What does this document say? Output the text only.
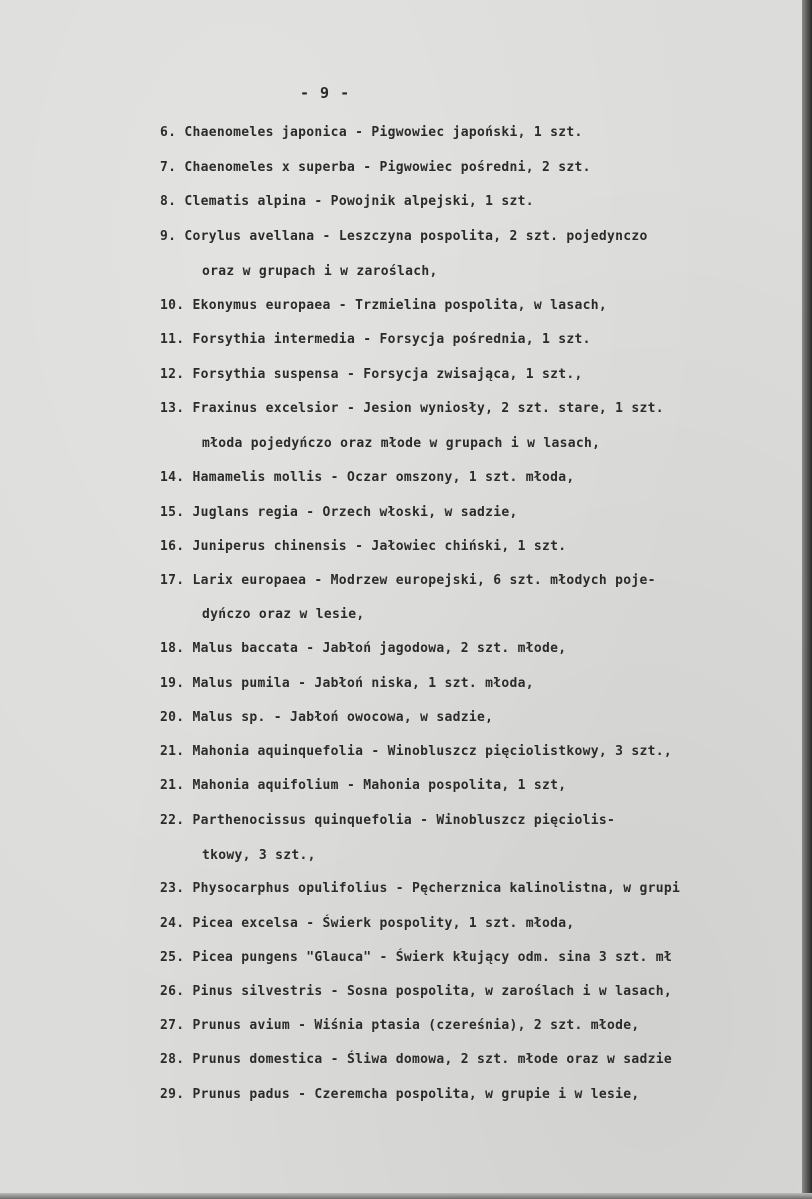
- 9 -
6. Chaenomeles japonica - Pigwowiec japoński, 1 szt.
7. Chaenomeles x superba - Pigwowiec pośredni, 2 szt.
8. Clematis alpina - Powojnik alpejski, 1 szt.
9. Corylus avellana - Leszczyna pospolita, 2 szt. pojedynczo
oraz w grupach i w zaroślach,
10. Ekonymus europaea - Trzmielina pospolita, w lasach,
11. Forsythia intermedia - Forsycja pośrednia, 1 szt.
12. Forsythia suspensa - Forsycja zwisająca, 1 szt.,
13. Fraxinus excelsior - Jesion wyniosły, 2 szt. stare, 1 szt.
młoda pojedyńczo oraz młode w grupach i w lasach,
14. Hamamelis mollis - Oczar omszony, 1 szt. młoda,
15. Juglans regia - Orzech włoski, w sadzie,
16. Juniperus chinensis - Jałowiec chiński, 1 szt.
17. Larix europaea - Modrzew europejski, 6 szt. młodych poje-
dyńczo oraz w lesie,
18. Malus baccata - Jabłoń jagodowa, 2 szt. młode,
19. Malus pumila - Jabłoń niska, 1 szt. młoda,
20. Malus sp. - Jabłoń owocowa, w sadzie,
21. Mahonia aquinquefolia - Winobluszcz pięciolistkowy, 3 szt.,
21. Mahonia aquifolium - Mahonia pospolita, 1 szt,
22. Parthenocissus quinquefolia - Winobluszcz pięciolis-
tkowy, 3 szt.,
23. Physocarphus opulifolius - Pęcherznica kalinolistna, w grupi
24. Picea excelsa - Świerk pospolity, 1 szt. młoda,
25. Picea pungens "Glauca" - Świerk kłujący odm. sina 3 szt. mł
26. Pinus silvestris - Sosna pospolita, w zaroślach i w lasach,
27. Prunus avium - Wiśnia ptasia (czereśnia), 2 szt. młode,
28. Prunus domestica - Śliwa domowa, 2 szt. młode oraz w sadzie
29. Prunus padus - Czeremcha pospolita, w grupie i w lesie,
